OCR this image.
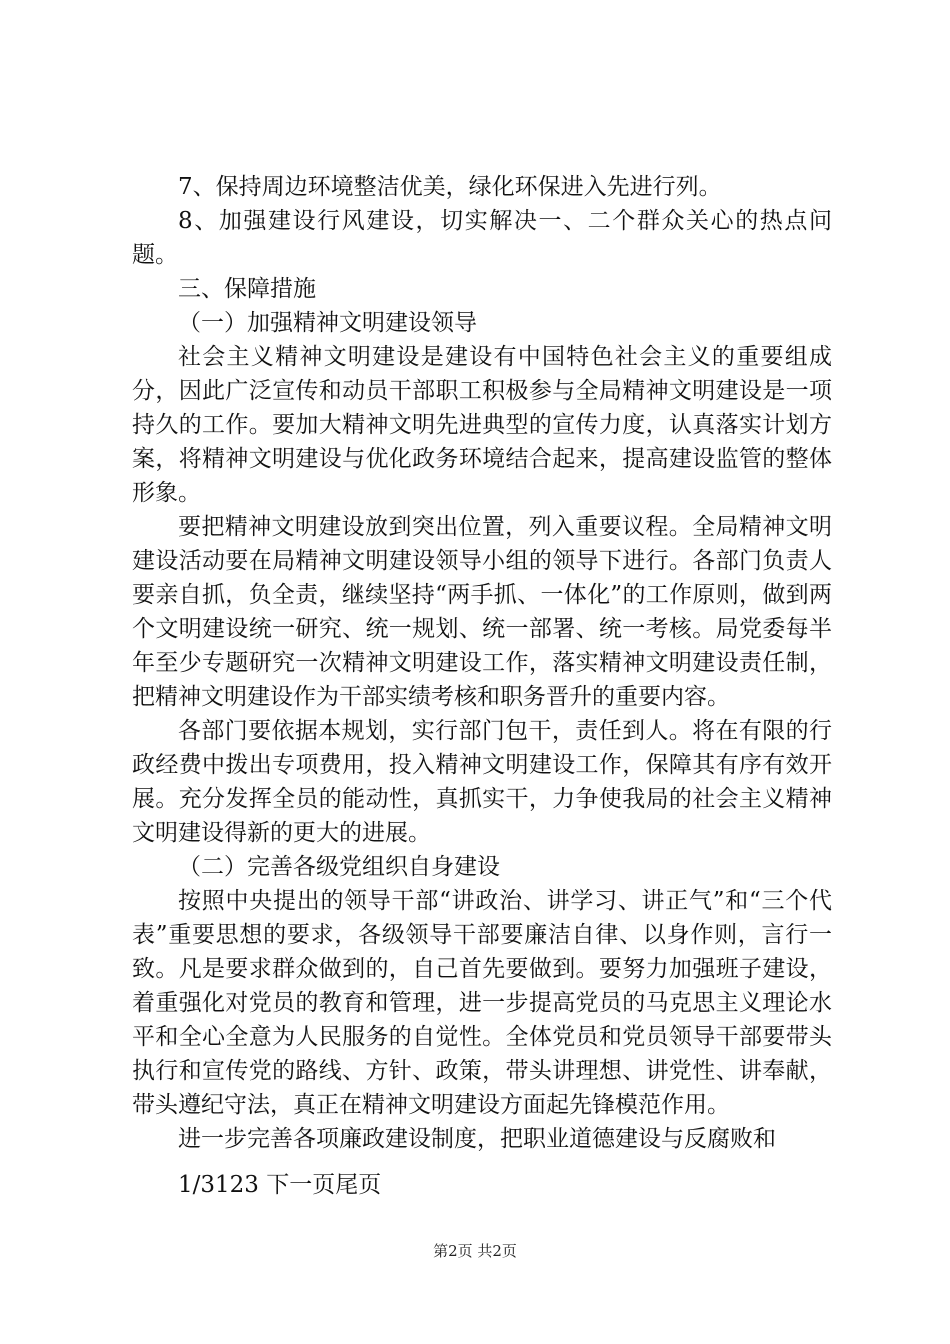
7、保持周边环境整洁优美，绿化环保进入先进行列。

8、加强建设行风建设，切实解决一、二个群众关心的热点问题。

三、保障措施

（一）加强精神文明建设领导

社会主义精神文明建设是建设有中国特色社会主义的重要组成分，因此广泛宣传和动员干部职工积极参与全局精神文明建设是一项持久的工作。要加大精神文明先进典型的宣传力度，认真落实计划方案，将精神文明建设与优化政务环境结合起来，提高建设监管的整体形象。

要把精神文明建设放到突出位置，列入重要议程。全局精神文明建设活动要在局精神文明建设领导小组的领导下进行。各部门负责人要亲自抓，负全责，继续坚持“两手抓、一体化”的工作原则，做到两个文明建设统一研究、统一规划、统一部署、统一考核。局党委每半年至少专题研究一次精神文明建设工作，落实精神文明建设责任制，把精神文明建设作为干部实绩考核和职务晋升的重要内容。

各部门要依据本规划，实行部门包干，责任到人。将在有限的行政经费中拨出专项费用，投入精神文明建设工作，保障其有序有效开展。充分发挥全员的能动性，真抓实干，力争使我局的社会主义精神文明建设得新的更大的进展。

（二）完善各级党组织自身建设

按照中央提出的领导干部“讲政治、讲学习、讲正气”和“三个代表”重要思想的要求，各级领导干部要廉洁自律、以身作则，言行一致。凡是要求群众做到的，自己首先要做到。要努力加强班子建设，着重强化对党员的教育和管理，进一步提高党员的马克思主义理论水平和全心全意为人民服务的自觉性。全体党员和党员领导干部要带头执行和宣传党的路线、方针、政策，带头讲理想、讲党性、讲奉献，带头遵纪守法，真正在精神文明建设方面起先锋模范作用。

进一步完善各项廉政建设制度，把职业道德建设与反腐败和

1/3123 下一页尾页

第2页 共2页
